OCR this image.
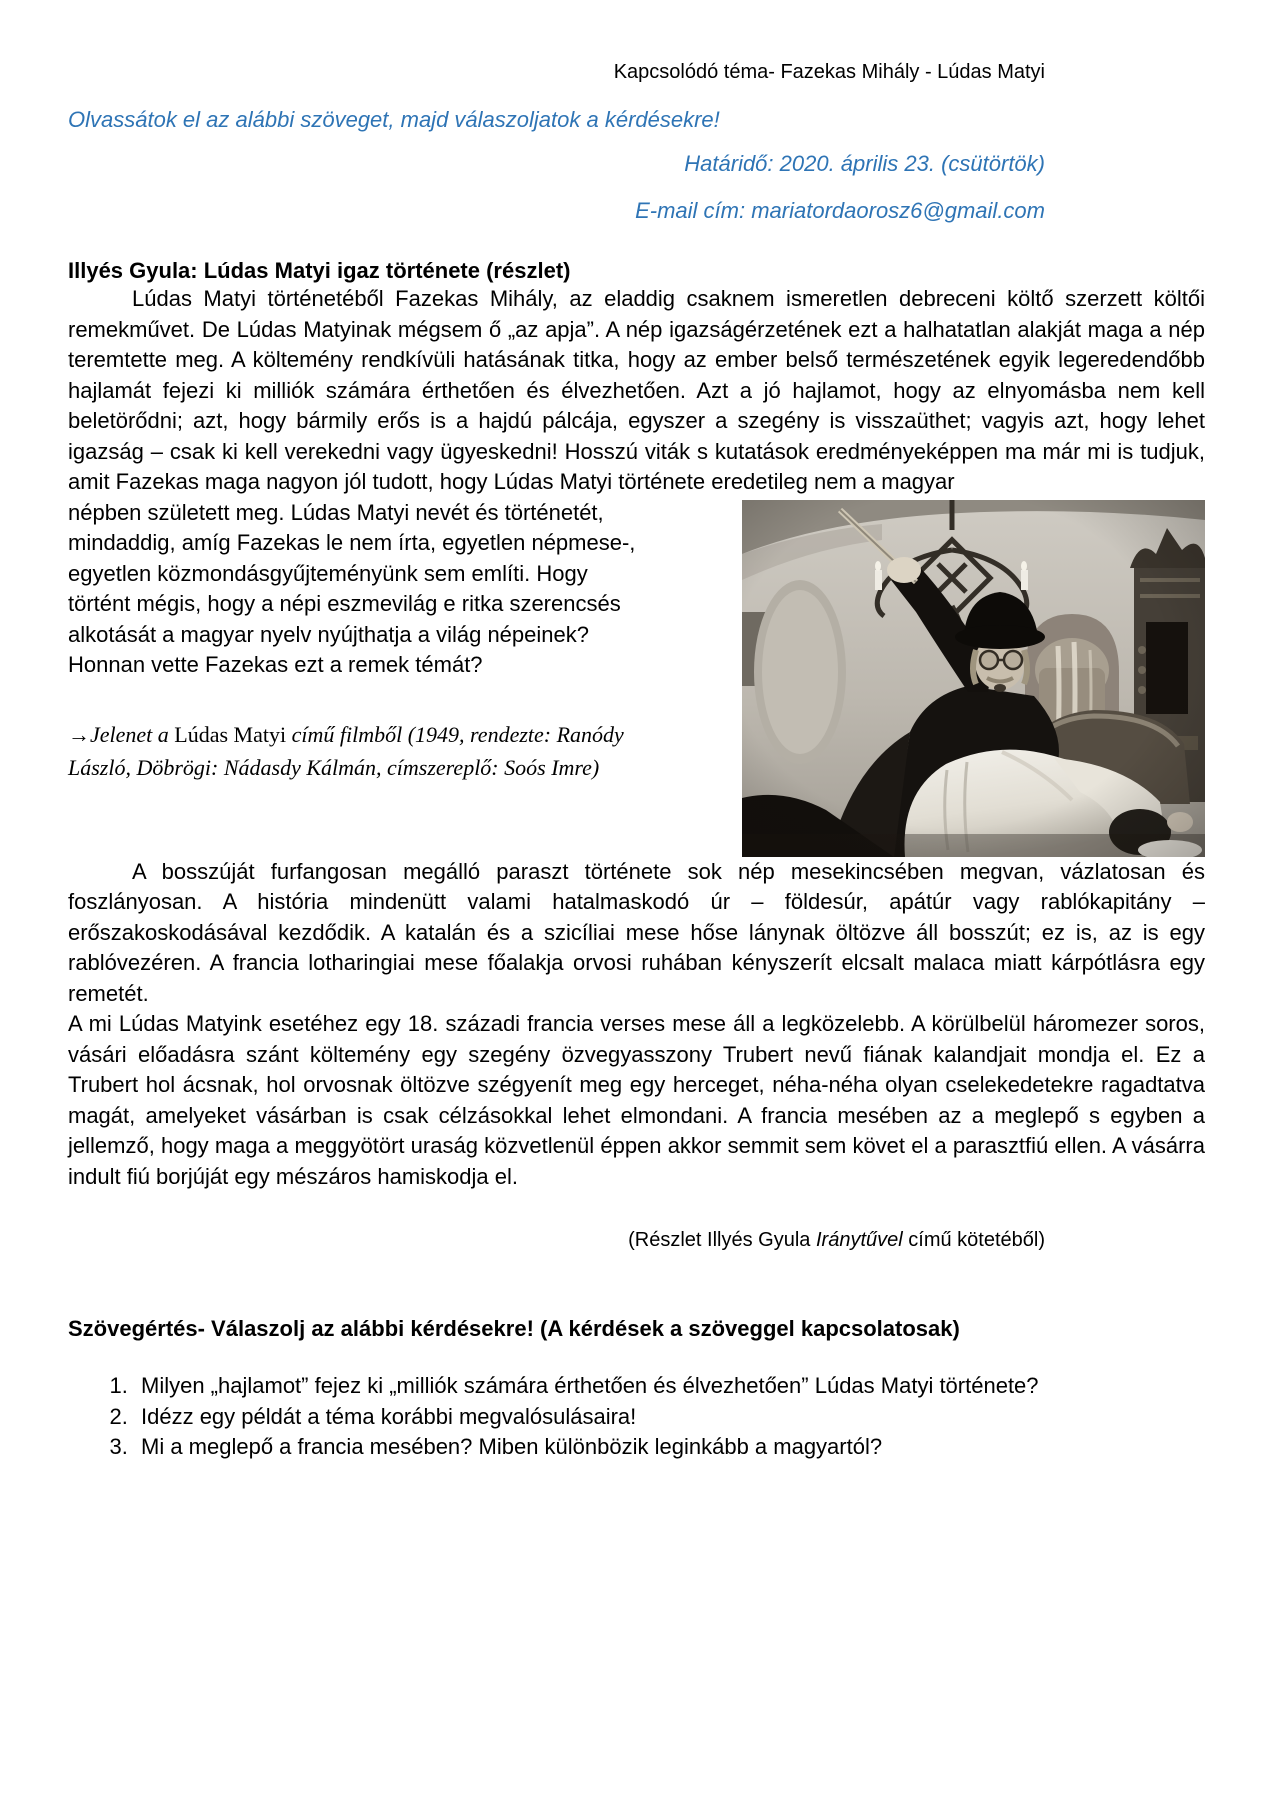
Kapcsolódó téma- Fazekas Mihály - Lúdas Matyi
Olvassátok el az alábbi szöveget, majd válaszoljatok a kérdésekre!
Határidő: 2020. április 23. (csütörtök)
E-mail cím: mariatordaorosz6@gmail.com
Illyés Gyula: Lúdas Matyi igaz története (részlet)

Lúdas Matyi történetéből Fazekas Mihály, az eladdig csaknem ismeretlen debreceni költő szerzett költői remekművet. De Lúdas Matyinak mégsem ő „az apja”. A nép igazságérzetének ezt a halhatatlan alakját maga a nép teremtette meg. A költemény rendkívüli hatásának titka, hogy az ember belső természetének egyik legeredendőbb hajlamát fejezi ki milliók számára érthetően és élvezhetően. Azt a jó hajlamot, hogy az elnyomásba nem kell beletörődni; azt, hogy bármily erős is a hajdú pálcája, egyszer a szegény is visszaüthet; vagyis azt, hogy lehet igazság – csak ki kell verekedni vagy ügyeskedni! Hosszú viták s kutatások eredményeképpen ma már mi is tudjuk, amit Fazekas maga nagyon jól tudott, hogy Lúdas Matyi története eredetileg nem a magyar

népben született meg. Lúdas Matyi nevét és történetét, mindaddig, amíg Fazekas le nem írta, egyetlen népmese-, egyetlen közmondásgyűjteményünk sem említi. Hogy történt mégis, hogy a népi eszmevilág e ritka szerencsés alkotását a magyar nyelv nyújthatja a világ népeinek? Honnan vette Fazekas ezt a remek témát?

→Jelenet a Lúdas Matyi című filmből (1949, rendezte: Ranódy László, Döbrögi: Nádasdy Kálmán, címszereplő: Soós Imre)

A bosszúját furfangosan megálló paraszt története sok nép mesekincsében megvan, vázlatosan és foszlányosan. A história mindenütt valami hatalmaskodó úr – földesúr, apátúr vagy rablókapitány – erőszakoskodásával kezdődik. A katalán és a szicíliai mese hőse lánynak öltözve áll bosszút; ez is, az is egy rablóvezéren. A francia lotharingiai mese főalakja orvosi ruhában kényszerít elcsalt malaca miatt kárpótlásra egy remetét.

A mi Lúdas Matyink esetéhez egy 18. századi francia verses mese áll a legközelebb. A körülbelül háromezer soros, vásári előadásra szánt költemény egy szegény özvegyasszony Trubert nevű fiának kalandjait mondja el. Ez a Trubert hol ácsnak, hol orvosnak öltözve szégyenít meg egy herceget, néha-néha olyan cselekedetekre ragadtatva magát, amelyeket vásárban is csak célzásokkal lehet elmondani. A francia mesében az a meglepő s egyben a jellemző, hogy maga a meggyötört uraság közvetlenül éppen akkor semmit sem követ el a parasztfiú ellen. A vásárra indult fiú borjúját egy mészáros hamiskodja el.

(Részlet Illyés Gyula Iránytűvel című kötetéből)
Szövegértés- Válaszolj az alábbi kérdésekre! (A kérdések a szöveggel kapcsolatosak)
1. Milyen „hajlamot” fejez ki „milliók számára érthetően és élvezhetően” Lúdas Matyi története?
2. Idézz egy példát a téma korábbi megvalósulásaira!
3. Mi a meglepő a francia mesében? Miben különbözik leginkább a magyartól?
